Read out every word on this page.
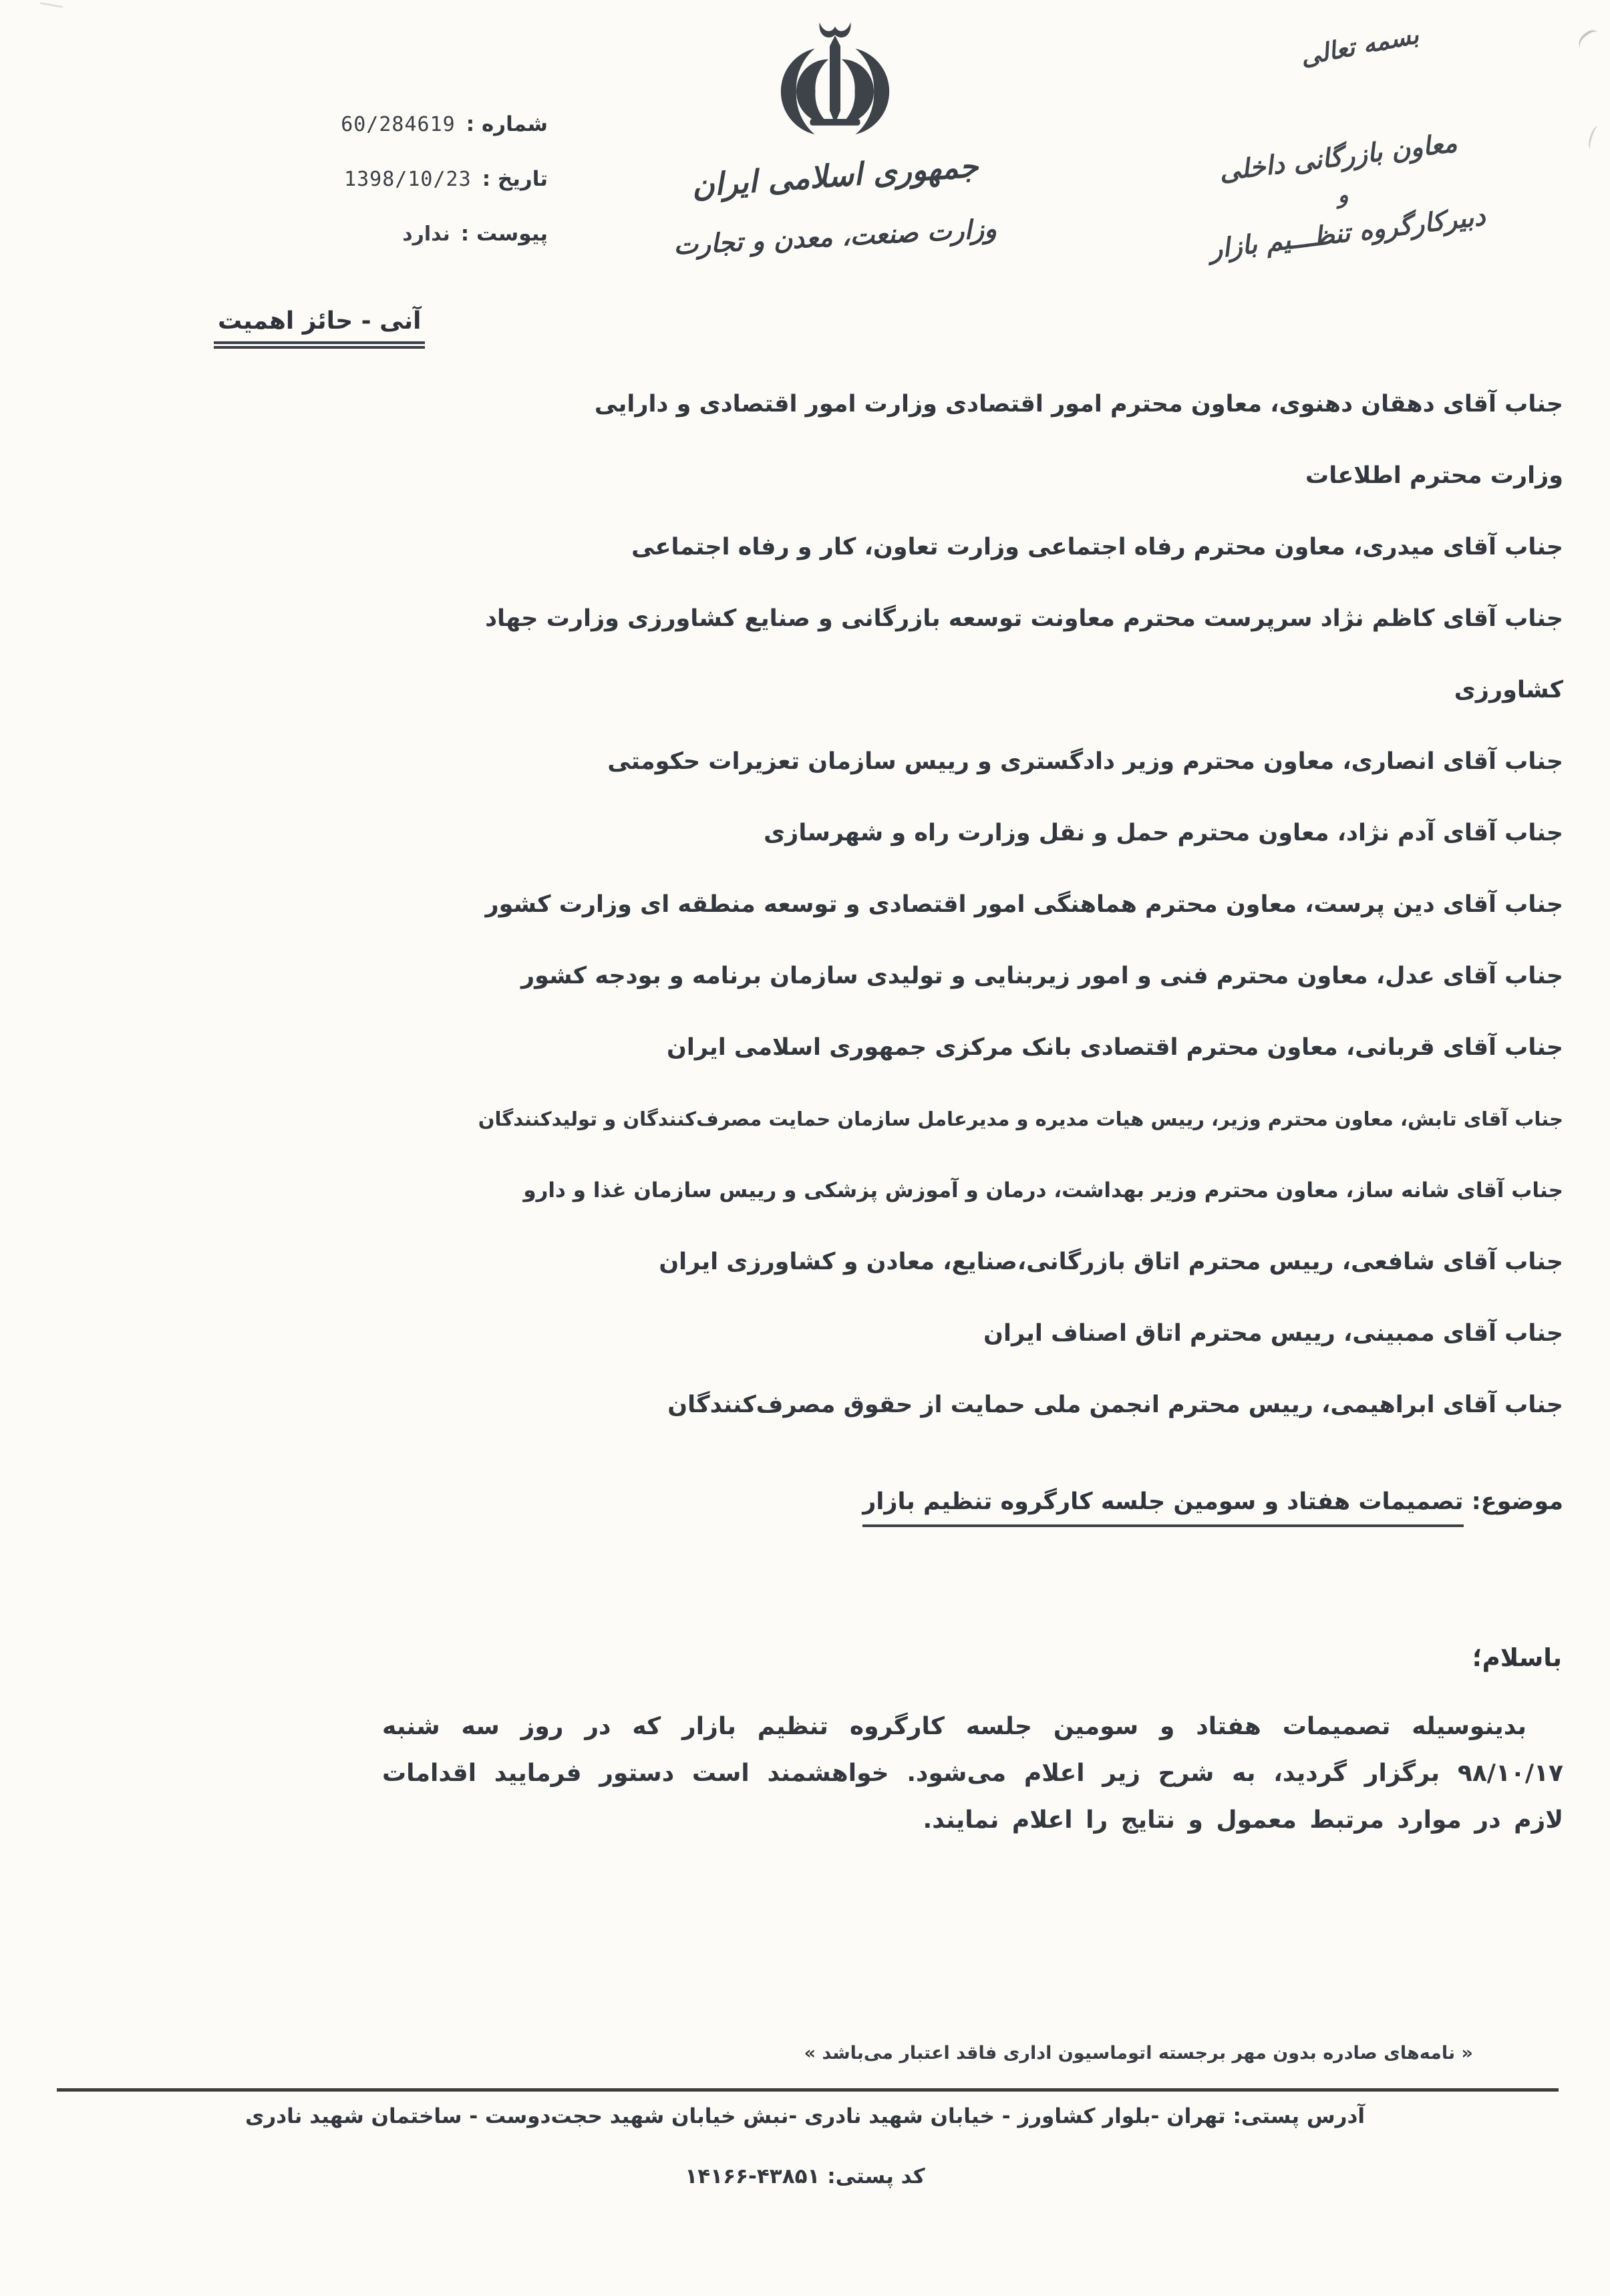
شماره :
60/284619
تاریخ :
1398/10/23
پیوست :
ندارد
آنی - حائز اهمیت
جمهوری اسلامی ایران
وزارت صنعت، معدن و تجارت
بسمه تعالی
معاون بازرگانی داخلی
و
دبیرکارگروه تنظـــیم بازار
جناب آقای دهقان دهنوی، معاون محترم امور اقتصادی وزارت امور اقتصادی و دارایی
وزارت محترم اطلاعات
جناب آقای میدری، معاون محترم رفاه اجتماعی وزارت تعاون، کار و رفاه اجتماعی
جناب آقای کاظم نژاد سرپرست محترم معاونت توسعه بازرگانی و صنایع کشاورزی وزارت جهاد
کشاورزی
جناب آقای انصاری، معاون محترم وزیر دادگستری و رییس سازمان تعزیرات حکومتی
جناب آقای آدم نژاد، معاون محترم حمل و نقل وزارت راه و شهرسازی
جناب آقای دین پرست، معاون محترم هماهنگی امور اقتصادی و توسعه منطقه ای وزارت کشور
جناب آقای عدل، معاون محترم فنی و امور زیربنایی و تولیدی سازمان برنامه و بودجه کشور
جناب آقای قربانی، معاون محترم اقتصادی بانک مرکزی جمهوری اسلامی ایران
جناب آقای تابش، معاون محترم وزیر، رییس هیات مدیره و مدیرعامل سازمان حمایت مصرف‌کنندگان و تولیدکنندگان
جناب آقای شانه ساز، معاون محترم وزیر بهداشت، درمان و آموزش پزشکی و رییس سازمان غذا و دارو
جناب آقای شافعی، رییس محترم اتاق بازرگانی،صنایع، معادن و کشاورزی ایران
جناب آقای ممبینی، رییس محترم اتاق اصناف ایران
جناب آقای ابراهیمی، رییس محترم انجمن ملی حمایت از حقوق مصرف‌کنندگان
موضوع: تصمیمات هفتاد و سومین جلسه کارگروه تنظیم بازار
باسلام؛
بدینوسیله تصمیمات هفتاد و سومین جلسه کارگروه تنظیم بازار که در روز سه شنبه ۹۸/۱۰/۱۷ برگزار گردید، به شرح زیر اعلام می‌شود. خواهشمند است دستور فرمایید اقدامات لازم در موارد مرتبط معمول و نتایج را اعلام نمایند.
« نامه‌های صادره بدون مهر برجسته اتوماسیون اداری فاقد اعتبار می‌باشد »
آدرس پستی: تهران -بلوار کشاورز - خیابان شهید نادری -نبش خیابان شهید حجت‌دوست - ساختمان شهید نادری
کد پستی: ۱۴۱۶۶-۴۳۸۵۱
